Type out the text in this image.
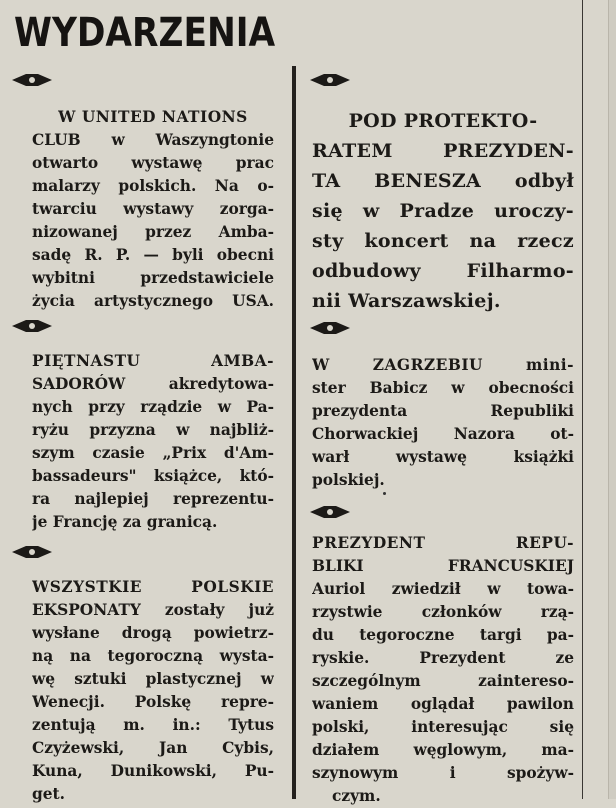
WYDARZENIA
W UNITED NATIONS
CLUB w Waszyngtonie
otwarto wystawę prac
malarzy polskich. Na o-
twarciu wystawy zorga-
nizowanej przez Amba-
sadę R. P. — byli obecni
wybitni przedstawiciele
życia artystycznego USA.
PIĘTNASTU AMBA-
SADORÓW akredytowa-
nych przy rządzie w Pa-
ryżu przyzna w najbliż-
szym czasie „Prix d'Am-
bassadeurs" książce, któ-
ra najlepiej reprezentu-
je Francję za granicą.
WSZYSTKIE POLSKIE
EKSPONATY zostały już
wysłane drogą powietrz-
ną na tegoroczną wysta-
wę sztuki plastycznej w
Wenecji. Polskę repre-
zentują m. in.: Tytus
Czyżewski, Jan Cybis,
Kuna, Dunikowski, Pu-
get.
POD PROTEKTO-
RATEM PREZYDEN-
TA BENESZA odbył
się w Pradze uroczy-
sty koncert na rzecz
odbudowy Filharmo-
nii Warszawskiej.
W ZAGRZEBIU mini-
ster Babicz w obecności
prezydenta Republiki
Chorwackiej Nazora ot-
warł wystawę książki
polskiej.
PREZYDENT REPU-
BLIKI FRANCUSKIEJ
Auriol zwiedził w towa-
rzystwie członków rzą-
du tegoroczne targi pa-
ryskie. Prezydent ze
szczególnym zaintereso-
waniem oglądał pawilon
polski, interesując się
działem węglowym, ma-
szynowym i spożyw-
czym.
